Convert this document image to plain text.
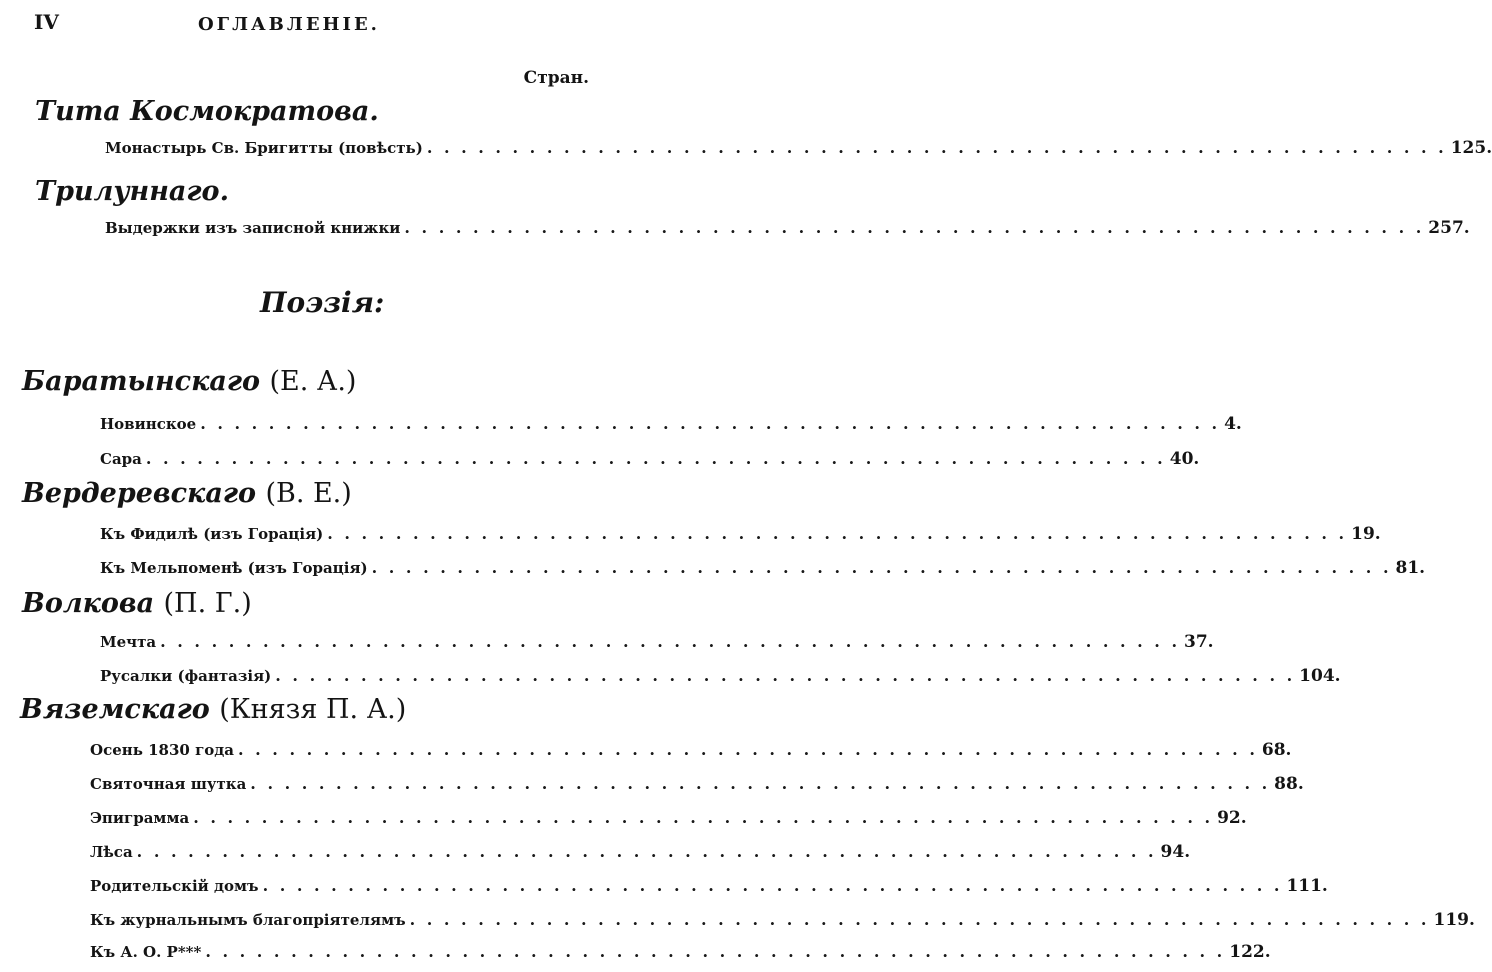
IV	ОГЛАВЛЕНІЕ.
Стран.
Тита Космократова.
Монастырь Св. Бригитты (повѣсть) . . . . . . . . . . . . . . . . . . . . . . . . . . . . . . . . . . . . . . . . . . . . . . . . . . . . . . . . . . . . 125.
Трилуннаго.
Выдержки изъ записной книжки . . . . . . . . . . . . . . . . . . . . . . . . . . . . . . . . . . . . . . . . . . . . . . . . . . . . . . . . . . . . 257.
Поэзія:
Баратынскаго (Е. А.)
Новинское . . . . . . . . . . . . . . . . . . . . . . . . . . . . . . . . . . . . . . . . . . . . . . . . . . . . . . . . . . . . 4.
Сара . . . . . . . . . . . . . . . . . . . . . . . . . . . . . . . . . . . . . . . . . . . . . . . . . . . . . . . . . . . . 40.
Вердеревскаго (В. Е.)
Къ Фидилѣ (изъ Горація) . . . . . . . . . . . . . . . . . . . . . . . . . . . . . . . . . . . . . . . . . . . . . . . . . . . . . . . . . . . . 19.
Къ Мельпоменѣ (изъ Горація) . . . . . . . . . . . . . . . . . . . . . . . . . . . . . . . . . . . . . . . . . . . . . . . . . . . . . . . . . . . . 81.
Волкова (П. Г.)
Мечта . . . . . . . . . . . . . . . . . . . . . . . . . . . . . . . . . . . . . . . . . . . . . . . . . . . . . . . . . . . . 37.
Русалки (фантазія) . . . . . . . . . . . . . . . . . . . . . . . . . . . . . . . . . . . . . . . . . . . . . . . . . . . . . . . . . . . . 104.
Вяземскаго (Князя П. А.)
Осень 1830 года . . . . . . . . . . . . . . . . . . . . . . . . . . . . . . . . . . . . . . . . . . . . . . . . . . . . . . . . . . . . 68.
Святочная шутка . . . . . . . . . . . . . . . . . . . . . . . . . . . . . . . . . . . . . . . . . . . . . . . . . . . . . . . . . . . . 88.
Эпиграмма . . . . . . . . . . . . . . . . . . . . . . . . . . . . . . . . . . . . . . . . . . . . . . . . . . . . . . . . . . . . 92.
Лѣса . . . . . . . . . . . . . . . . . . . . . . . . . . . . . . . . . . . . . . . . . . . . . . . . . . . . . . . . . . . . 94.
Родительскій домъ . . . . . . . . . . . . . . . . . . . . . . . . . . . . . . . . . . . . . . . . . . . . . . . . . . . . . . . . . . . . 111.
Къ журнальнымъ благопріятелямъ . . . . . . . . . . . . . . . . . . . . . . . . . . . . . . . . . . . . . . . . . . . . . . . . . . . . . . . . . . . . 119.
Къ А. О. Р*** . . . . . . . . . . . . . . . . . . . . . . . . . . . . . . . . . . . . . . . . . . . . . . . . . . . . . . . . . . . . 122.
